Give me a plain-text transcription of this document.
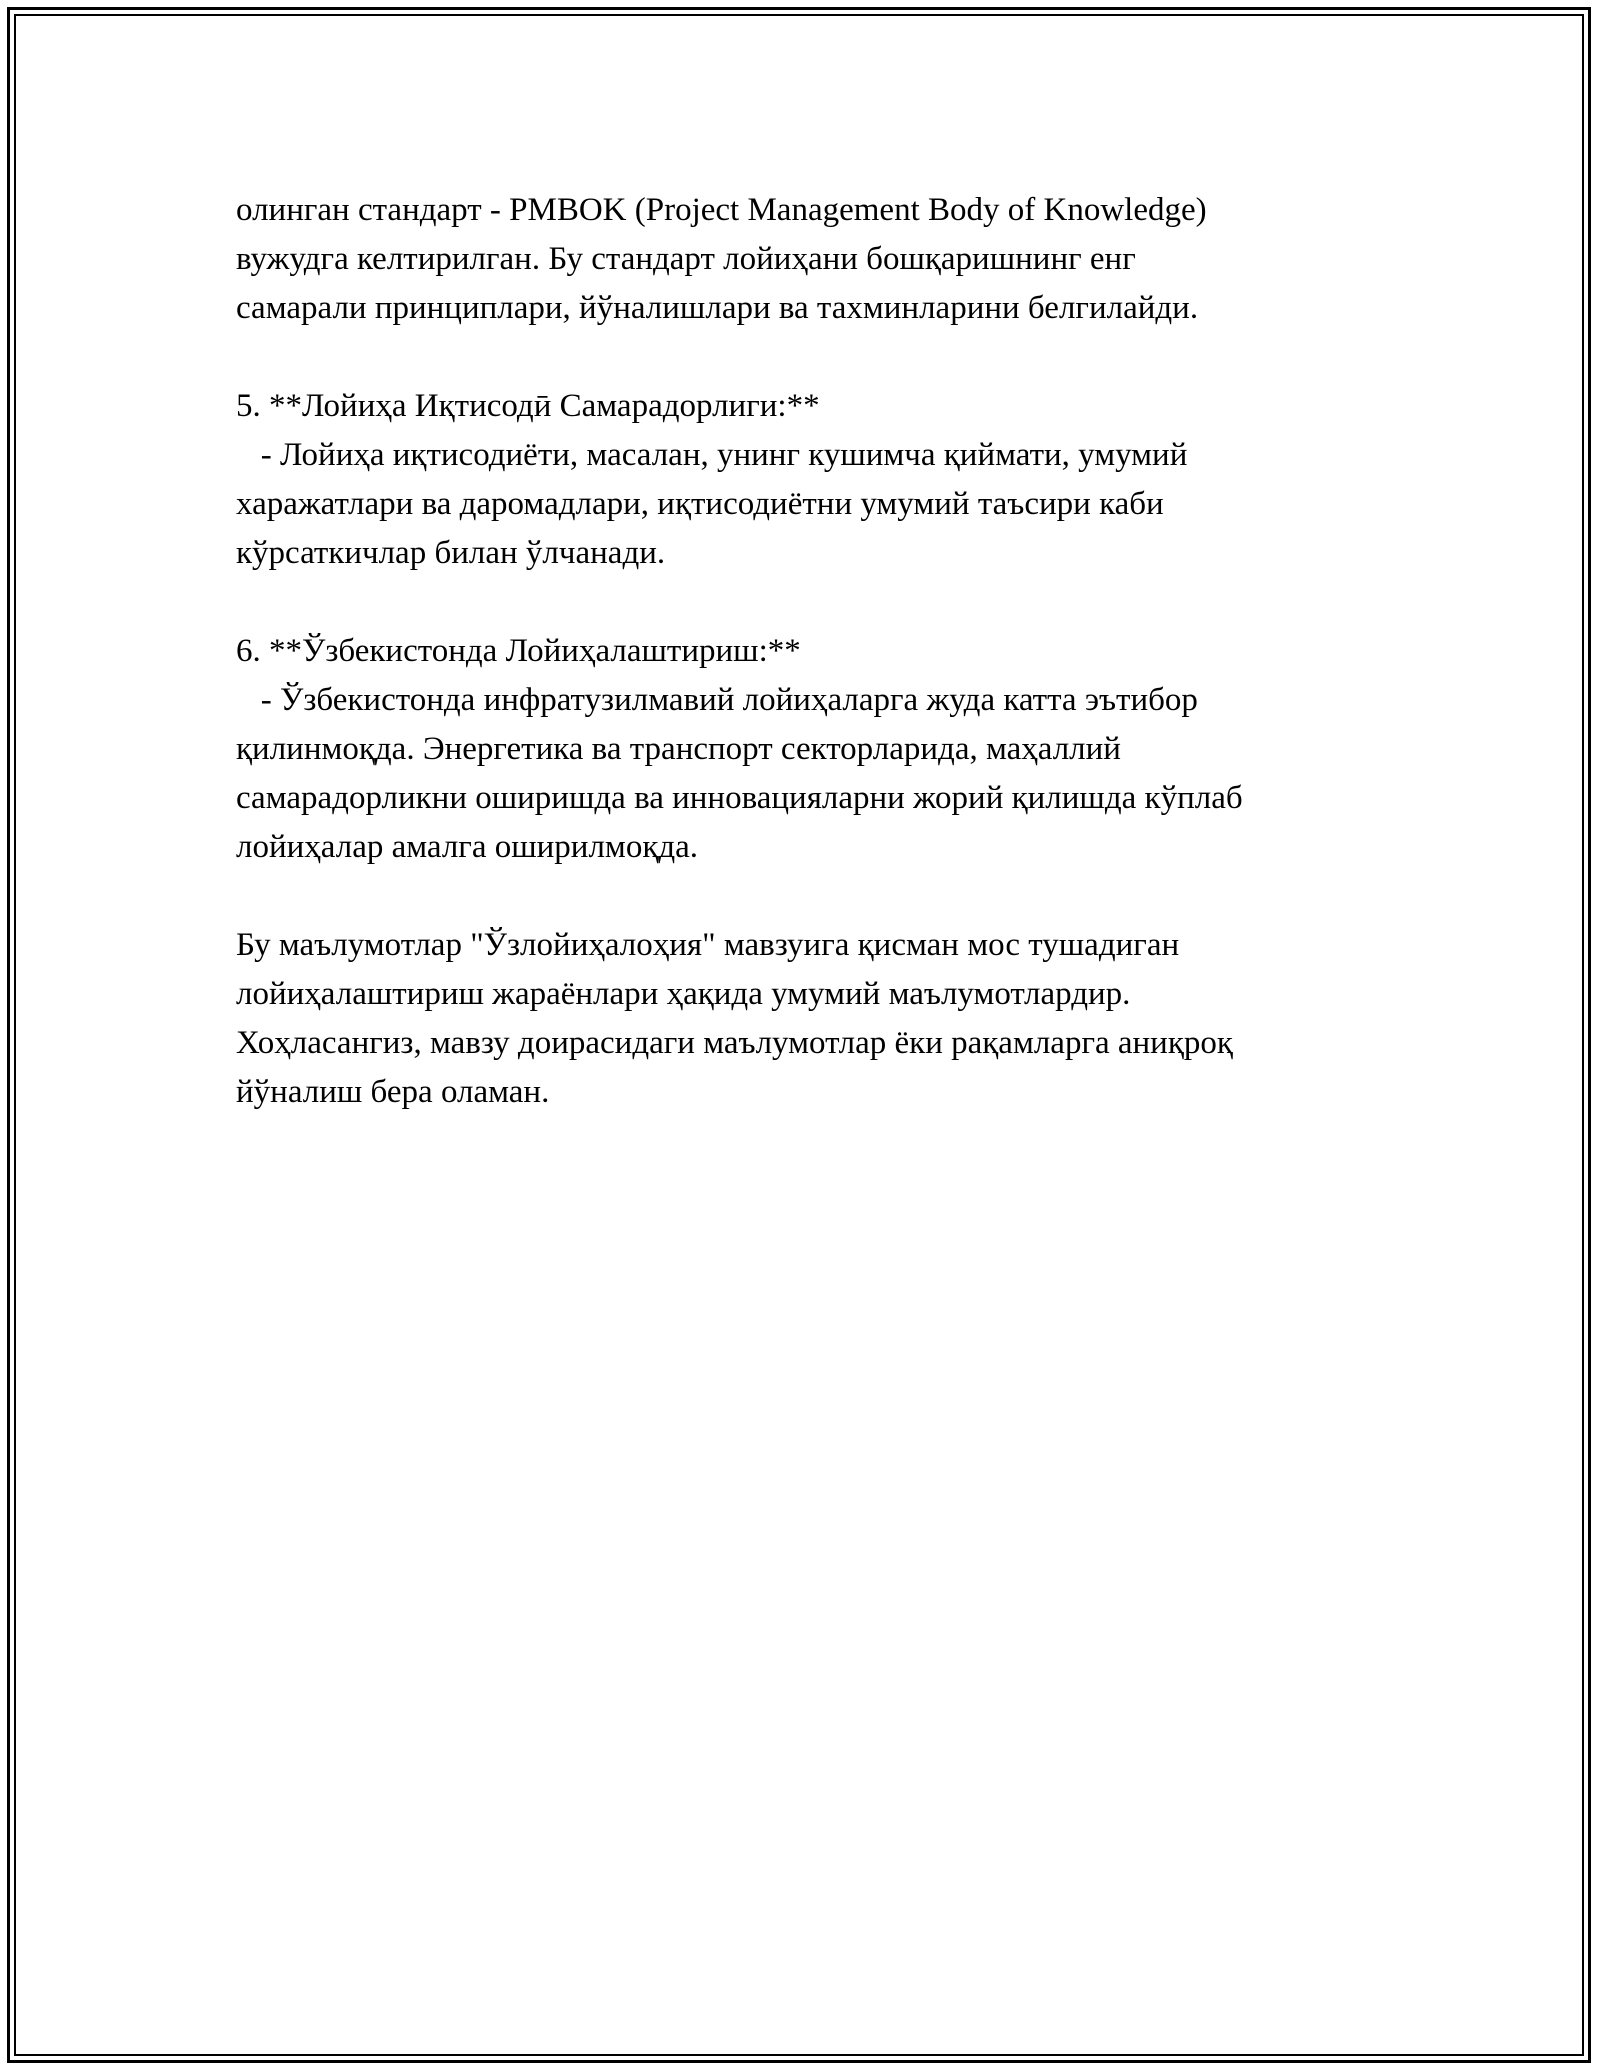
олинган стандарт - PMBOK (Project Management Body of Knowledge)
вужудга келтирилган. Бу стандарт лойиҳани бошқаришнинг енг
самарали принциплари, йўналишлари ва тахминларини белгилайди.

5. **Лойиҳа Иқтисодӣ Самарадорлиги:**
- Лойиҳа иқтисодиёти, масалан, унинг кушимча қиймати, умумий
харажатлари ва даромадлари, иқтисодиётни умумий таъсири каби
кўрсаткичлар билан ўлчанади.

6. **Ўзбекистонда Лойиҳалаштириш:**
- Ўзбекистонда инфратузилмавий лойиҳаларга жуда катта эътибор
қилинмоқда. Энергетика ва транспорт секторларида, маҳаллий
самарадорликни оширишда ва инновацияларни жорий қилишда кўплаб
лойиҳалар амалга оширилмоқда.

Бу маълумотлар "Ўзлойиҳалоҳия" мавзуига қисман мос тушадиган
лойиҳалаштириш жараёнлари ҳақида умумий маълумотлардир.
Хоҳласангиз, мавзу доирасидаги маълумотлар ёки рақамларга аниқроқ
йўналиш бера оламан.
